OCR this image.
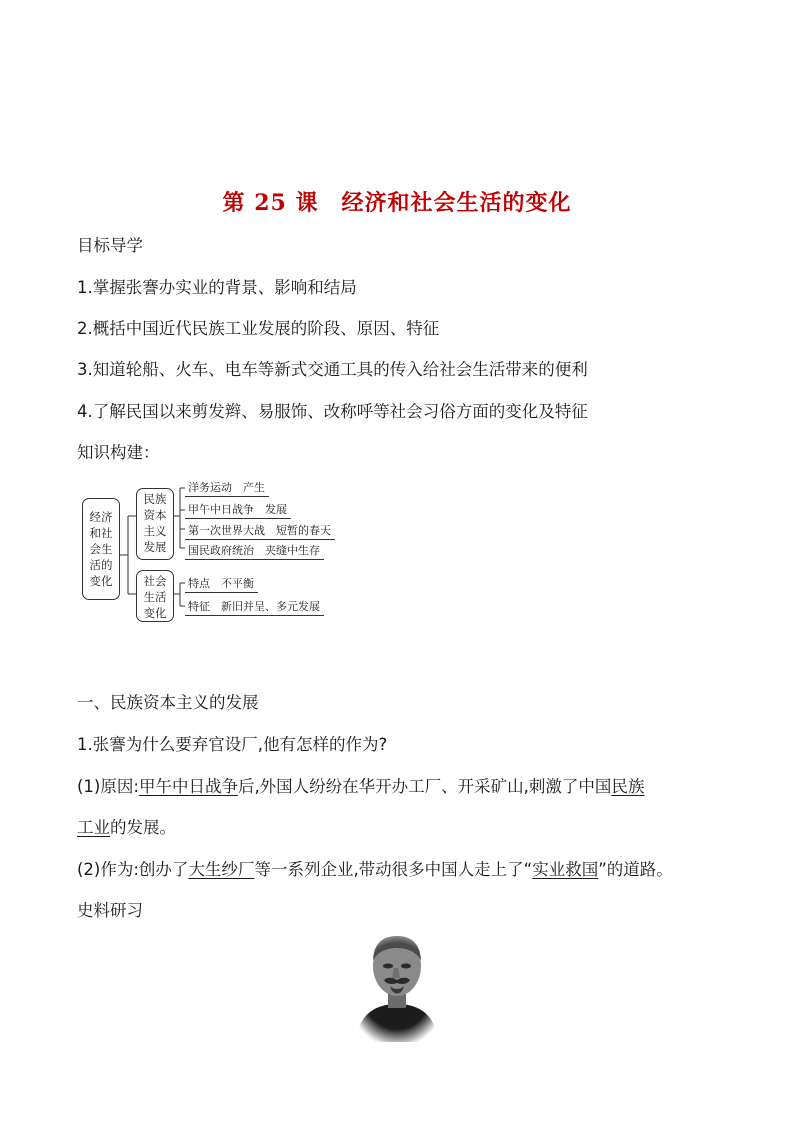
第 25 课　经济和社会生活的变化
目标导学
1.掌握张謇办实业的背景、影响和结局
2.概括中国近代民族工业发展的阶段、原因、特征
3.知道轮船、火车、电车等新式交通工具的传入给社会生活带来的便利
4.了解民国以来剪发辫、易服饰、改称呼等社会习俗方面的变化及特征
知识构建：
经济和社会生活的变化
民族资本主义发展
社会生活变化
洋务运动　产生
甲午中日战争　发展
第一次世界大战　短暂的春天
国民政府统治　夹缝中生存
特点　不平衡
特征　新旧并呈、多元发展
一、民族资本主义的发展
1.张謇为什么要弃官设厂,他有怎样的作为?
(1)原因:甲午中日战争后,外国人纷纷在华开办工厂、开采矿山,刺激了中国民族
工业的发展。
(2)作为:创办了大生纱厂等一系列企业,带动很多中国人走上了“实业救国”的道路。
史料研习
